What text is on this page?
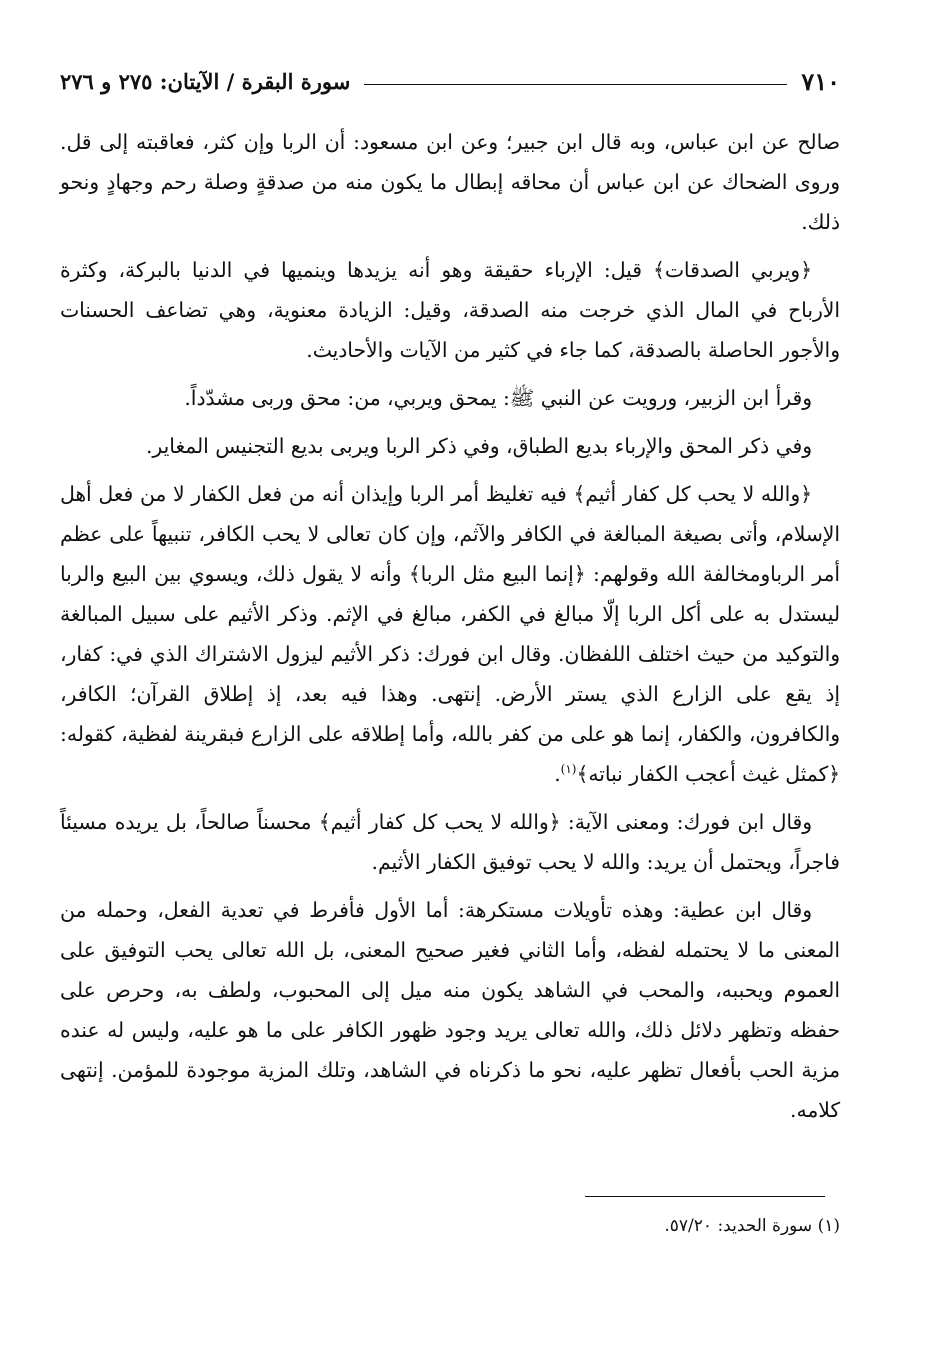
٧١٠
سورة البقرة / الآيتان: ٢٧٥ و ٢٧٦

صالح عن ابن عباس، وبه قال ابن جبير؛ وعن ابن مسعود: أن الربا وإن كثر، فعاقبته إلى قل. وروى الضحاك عن ابن عباس أن محاقه إبطال ما يكون منه من صدقةٍ وصلة رحم وجهادٍ ونحو ذلك.

﴿ويربي الصدقات﴾ قيل: الإرباء حقيقة وهو أنه يزيدها وينميها في الدنيا بالبركة، وكثرة الأرباح في المال الذي خرجت منه الصدقة، وقيل: الزيادة معنوية، وهي تضاعف الحسنات والأجور الحاصلة بالصدقة، كما جاء في كثير من الآيات والأحاديث.

وقرأ ابن الزبير، ورويت عن النبي ﷺ: يمحق ويربي، من: محق وربى مشدّداً.

وفي ذكر المحق والإرباء بديع الطباق، وفي ذكر الربا ويربى بديع التجنيس المغاير.

﴿والله لا يحب كل كفار أثيم﴾ فيه تغليظ أمر الربا وإيذان أنه من فعل الكفار لا من فعل أهل الإسلام، وأتى بصيغة المبالغة في الكافر والآثم، وإن كان تعالى لا يحب الكافر، تنبيهاً على عظم أمر الرباومخالفة الله وقولهم: ﴿إنما البيع مثل الربا﴾ وأنه لا يقول ذلك، ويسوي بين البيع والربا ليستدل به على أكل الربا إلّا مبالغ في الكفر، مبالغ في الإثم. وذكر الأثيم على سبيل المبالغة والتوكيد من حيث اختلف اللفظان. وقال ابن فورك: ذكر الأثيم ليزول الاشتراك الذي في: كفار، إذ يقع على الزارع الذي يستر الأرض. إنتهى. وهذا فيه بعد، إذ إطلاق القرآن؛ الكافر، والكافرون، والكفار، إنما هو على من كفر بالله، وأما إطلاقه على الزارع فبقرينة لفظية، كقوله: ﴿كمثل غيث أعجب الكفار نباته﴾$^{(١)}$.

وقال ابن فورك: ومعنى الآية: ﴿والله لا يحب كل كفار أثيم﴾ محسناً صالحاً، بل يريده مسيئاً فاجراً، ويحتمل أن يريد: والله لا يحب توفيق الكفار الأثيم.

وقال ابن عطية: وهذه تأويلات مستكرهة: أما الأول فأفرط في تعدية الفعل، وحمله من المعنى ما لا يحتمله لفظه، وأما الثاني فغير صحيح المعنى، بل الله تعالى يحب التوفيق على العموم ويحببه، والمحب في الشاهد يكون منه ميل إلى المحبوب، ولطف به، وحرص على حفظه وتظهر دلائل ذلك، والله تعالى يريد وجود ظهور الكافر على ما هو عليه، وليس له عنده مزية الحب بأفعال تظهر عليه، نحو ما ذكرناه في الشاهد، وتلك المزية موجودة للمؤمن. إنتهى كلامه.

(١) سورة الحديد: ٥٧/٢٠.
